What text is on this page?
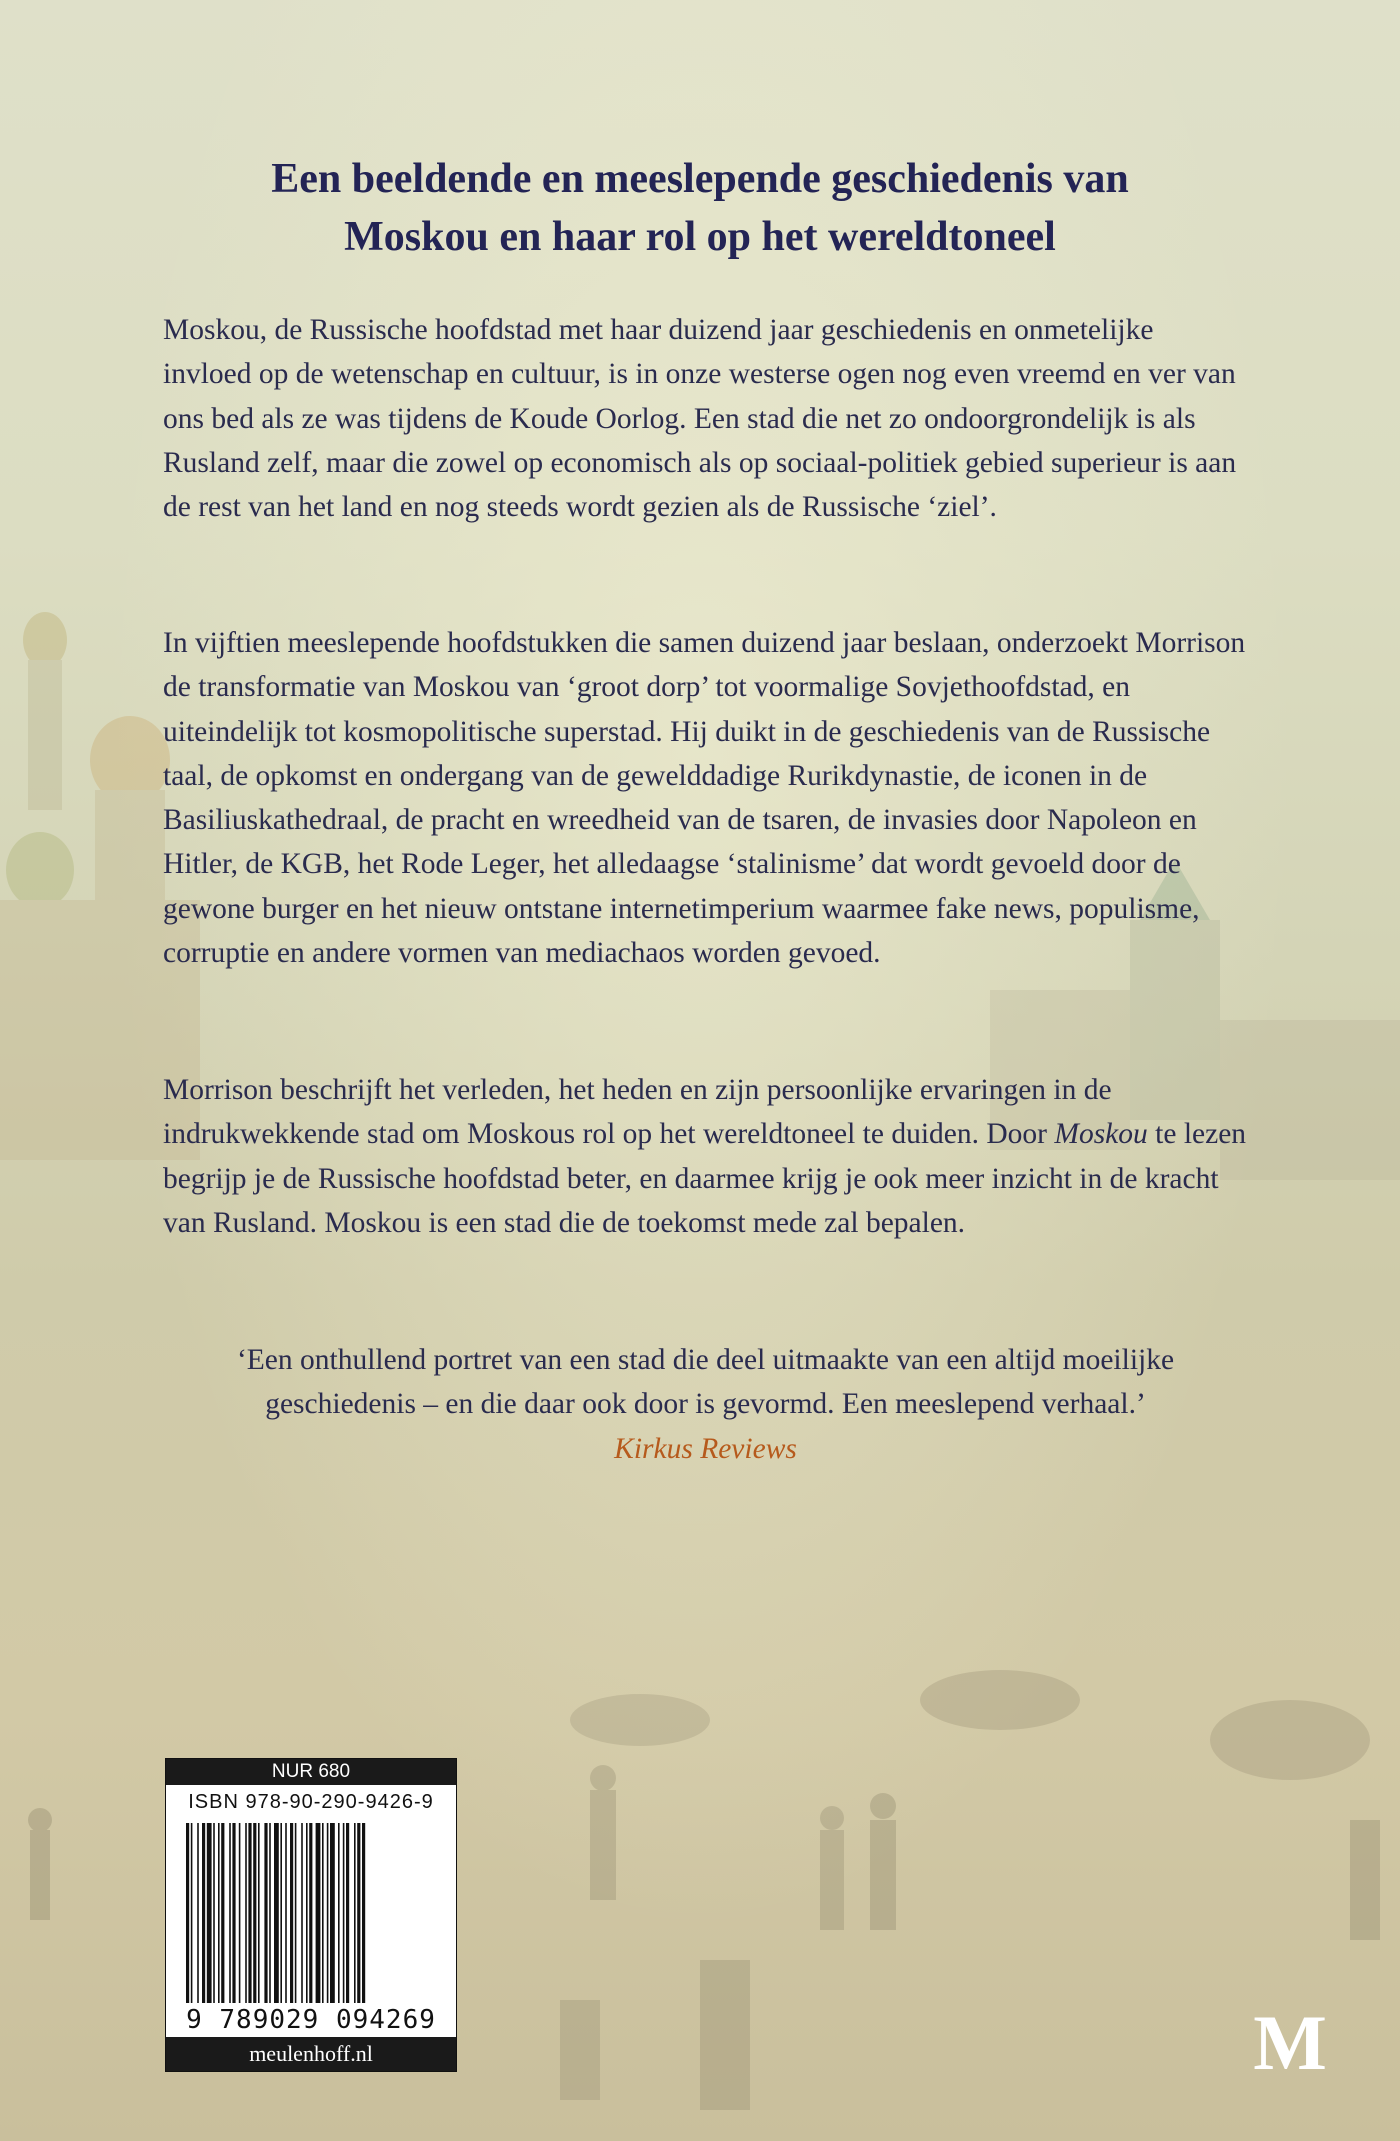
Een beeldende en meeslepende geschiedenis van
Moskou en haar rol op het wereldtoneel

Moskou, de Russische hoofdstad met haar duizend jaar geschiedenis en onmetelijke invloed op de wetenschap en cultuur, is in onze westerse ogen nog even vreemd en ver van ons bed als ze was tijdens de Koude Oorlog. Een stad die net zo ondoorgrondelijk is als Rusland zelf, maar die zowel op economisch als op sociaal-politiek gebied superieur is aan de rest van het land en nog steeds wordt gezien als de Russische ‘ziel’.

In vijftien meeslepende hoofdstukken die samen duizend jaar beslaan, onderzoekt Morrison de transformatie van Moskou van ‘groot dorp’ tot voormalige Sovjethoofdstad, en uiteindelijk tot kosmopolitische superstad. Hij duikt in de geschiedenis van de Russische taal, de opkomst en ondergang van de gewelddadige Rurikdynastie, de iconen in de Basiliuskathedraal, de pracht en wreedheid van de tsaren, de invasies door Napoleon en Hitler, de KGB, het Rode Leger, het alledaagse ‘stalinisme’ dat wordt gevoeld door de gewone burger en het nieuw ontstane internetimperium waarmee fake news, populisme, corruptie en andere vormen van mediachaos worden gevoed.

Morrison beschrijft het verleden, het heden en zijn persoonlijke ervaringen in de indrukwekkende stad om Moskous rol op het wereldtoneel te duiden. Door Moskou te lezen begrijp je de Russische hoofdstad beter, en daarmee krijg je ook meer inzicht in de kracht van Rusland. Moskou is een stad die de toekomst mede zal bepalen.

‘Een onthullend portret van een stad die deel uitmaakte van een altijd moeilijke geschiedenis – en die daar ook door is gevormd. Een meeslepend verhaal.’
Kirkus Reviews

NUR 680
ISBN 978-90-290-9426-9
9 789029 094269
meulenhoff.nl	M
